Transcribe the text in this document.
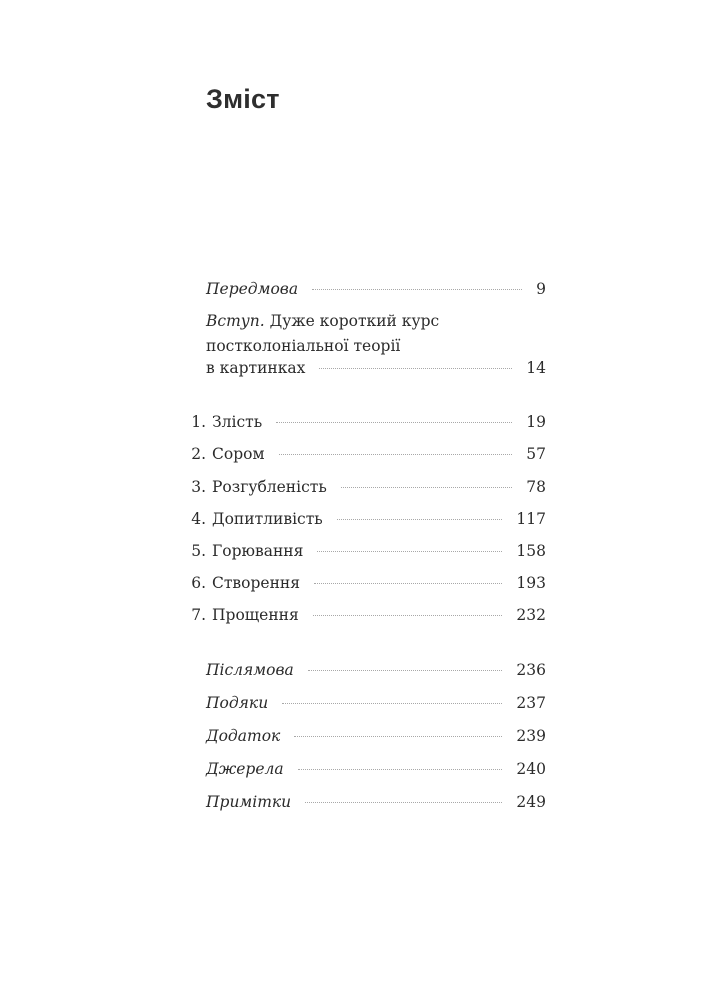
Зміст
Передмова	9
Вступ. Дуже короткий курс
постколоніальної теорії
в картинках	14
1. Злість	19
2. Сором	57
3. Розгубленість	78
4. Допитливість	117
5. Горювання	158
6. Створення	193
7. Прощення	232
Післямова	236
Подяки	237
Додаток	239
Джерела	240
Примітки	249
